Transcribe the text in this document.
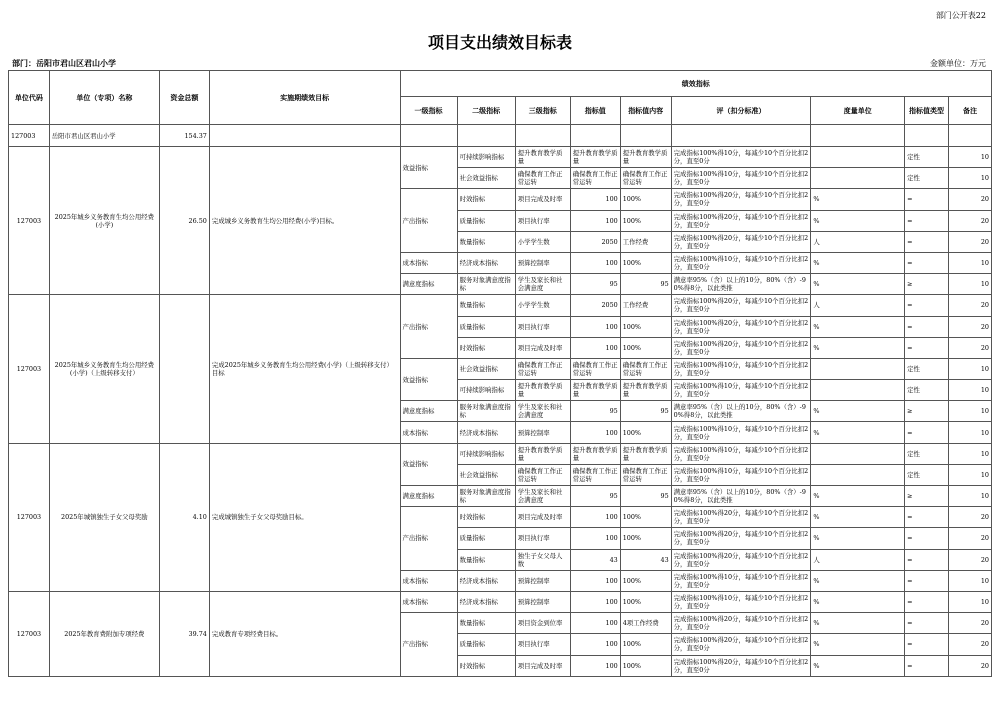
部门公开表22
项目支出绩效目标表
部门：岳阳市君山区君山小学	金额单位：万元
单位代码	单位（专项）名称	资金总额	实施期绩效目标	绩效指标								
				一级指标	二级指标	三级指标	指标值	指标值内容	评（扣分标准）	度量单位	指标值类型	备注
127003	岳阳市君山区君山小学	154.37										
127003	2025年城乡义务教育生均公用经费(小学)	26.50	完成城乡义务教育生均公用经费(小学)目标。	效益指标	可持续影响指标	提升教育教学质量	提升教育教学质量	提升教育教学质量	完成指标100%得10分，每减少10个百分比扣2分，直至0分		定性	10
					社会效益指标	确保教育工作正常运转	确保教育工作正常运转	确保教育工作正常运转	完成指标100%得10分，每减少10个百分比扣2分，直至0分		定性	10
				产出指标	时效指标	项目完成及时率	100	100%	完成指标100%得20分，每减少10个百分比扣2分，直至0分	%	=	20
					质量指标	项目执行率	100	100%	完成指标100%得20分，每减少10个百分比扣2分，直至0分	%	=	20
					数量指标	小学学生数	2050	工作经费	完成指标100%得20分，每减少10个百分比扣2分，直至0分	人	=	20
				成本指标	经济成本指标	预算控制率	100	100%	完成指标100%得10分，每减少10个百分比扣2分，直至0分	%	=	10
				满意度指标	服务对象满意度指标	学生及家长和社会满意度	95	95	满意率95%（含）以上的10分，80%（含）-90%得8分，以此类推	%	≥	10
127003	2025年城乡义务教育生均公用经费(小学)（上级转移支付）		完成2025年城乡义务教育生均公用经费(小学)（上级转移支付）目标	产出指标	数量指标	小学学生数	2050	工作经费	完成指标100%得20分，每减少10个百分比扣2分，直至0分	人	=	20
					质量指标	项目执行率	100	100%	完成指标100%得20分，每减少10个百分比扣2分，直至0分	%	=	20
					时效指标	项目完成及时率	100	100%	完成指标100%得20分，每减少10个百分比扣2分，直至0分	%	=	20
				效益指标	社会效益指标	确保教育工作正常运转	确保教育工作正常运转	确保教育工作正常运转	完成指标100%得10分，每减少10个百分比扣2分，直至0分		定性	10
					可持续影响指标	提升教育教学质量	提升教育教学质量	提升教育教学质量	完成指标100%得10分，每减少10个百分比扣2分，直至0分		定性	10
				满意度指标	服务对象满意度指标	学生及家长和社会满意度	95	95	满意率95%（含）以上的10分，80%（含）-90%得8分，以此类推	%	≥	10
				成本指标	经济成本指标	预算控制率	100	100%	完成指标100%得10分，每减少10个百分比扣2分，直至0分	%	=	10
127003	2025年城镇独生子女父母奖励	4.10	完成城镇独生子女父母奖励目标。	效益指标	可持续影响指标	提升教育教学质量	提升教育教学质量	提升教育教学质量	完成指标100%得10分，每减少10个百分比扣2分，直至0分		定性	10
					社会效益指标	确保教育工作正常运转	确保教育工作正常运转	确保教育工作正常运转	完成指标100%得10分，每减少10个百分比扣2分，直至0分		定性	10
				满意度指标	服务对象满意度指标	学生及家长和社会满意度	95	95	满意率95%（含）以上的10分，80%（含）-90%得8分，以此类推	%	≥	10
				产出指标	时效指标	项目完成及时率	100	100%	完成指标100%得20分，每减少10个百分比扣2分，直至0分	%	=	20
					质量指标	项目执行率	100	100%	完成指标100%得20分，每减少10个百分比扣2分，直至0分	%	=	20
					数量指标	独生子女父母人数	43	43	完成指标100%得20分，每减少10个百分比扣2分，直至0分	人	=	20
				成本指标	经济成本指标	预算控制率	100	100%	完成指标100%得10分，每减少10个百分比扣2分，直至0分	%	=	10
127003	2025年教育费附加专项经费	39.74	完成教育专项经费目标。	成本指标	经济成本指标	预算控制率	100	100%	完成指标100%得10分，每减少10个百分比扣2分，直至0分	%	=	10
				产出指标	数量指标	项目资金到位率	100	4项工作经费	完成指标100%得20分，每减少10个百分比扣2分，直至0分	%	=	20
					质量指标	项目执行率	100	100%	完成指标100%得20分，每减少10个百分比扣2分，直至0分	%	=	20
					时效指标	项目完成及时率	100	100%	完成指标100%得20分，每减少10个百分比扣2分，直至0分	%	=	20
